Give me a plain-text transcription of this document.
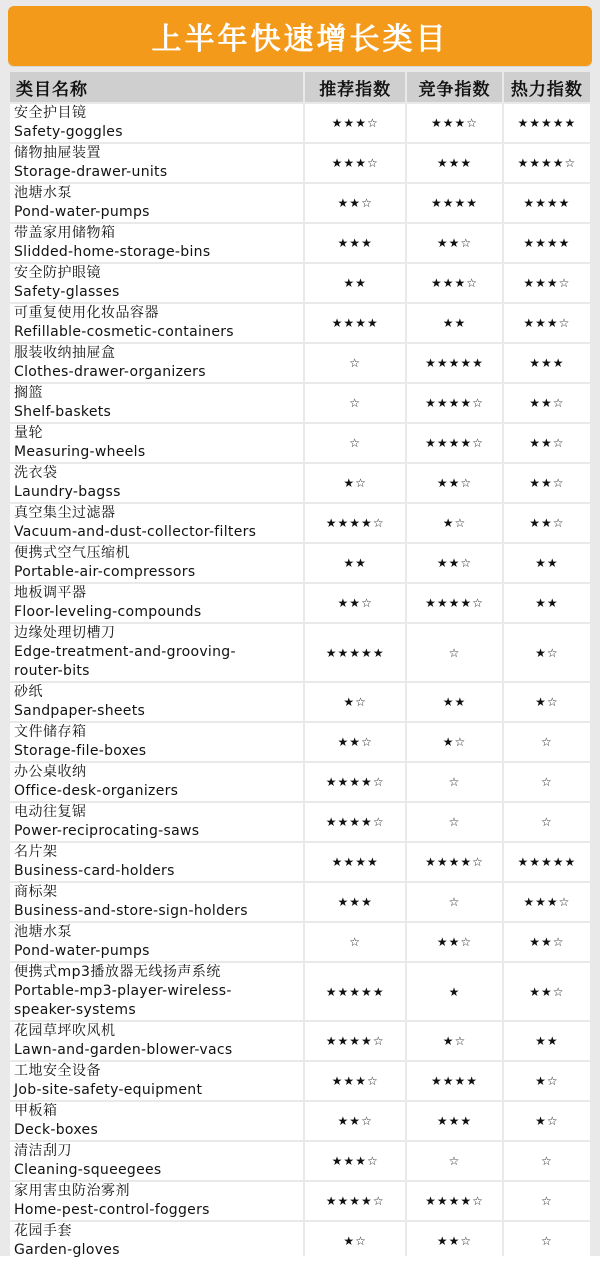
上半年快速增长类目
类目名称	推荐指数	竞争指数	热力指数

安全护目镜
Safety-goggles	★★★☆	★★★☆	★★★★★

储物抽屉装置
Storage-drawer-units	★★★☆	★★★	★★★★☆

池塘水泵
Pond-water-pumps	★★☆	★★★★	★★★★

带盖家用储物箱
Slidded-home-storage-bins	★★★	★★☆	★★★★

安全防护眼镜
Safety-glasses	★★	★★★☆	★★★☆

可重复使用化妆品容器
Refillable-cosmetic-containers	★★★★	★★	★★★☆

服装收纳抽屉盒
Clothes-drawer-organizers	☆	★★★★★	★★★

搁篮
Shelf-baskets	☆	★★★★☆	★★☆

量轮
Measuring-wheels	☆	★★★★☆	★★☆

洗衣袋
Laundry-bagss	★☆	★★☆	★★☆

真空集尘过滤器
Vacuum-and-dust-collector-filters	★★★★☆	★☆	★★☆

便携式空气压缩机
Portable-air-compressors	★★	★★☆	★★

地板调平器
Floor-leveling-compounds	★★☆	★★★★☆	★★

边缘处理切槽刀
Edge-treatment-and-grooving-
router-bits	★★★★★	☆	★☆

砂纸
Sandpaper-sheets	★☆	★★	★☆

文件储存箱
Storage-file-boxes	★★☆	★☆	☆

办公桌收纳
Office-desk-organizers	★★★★☆	☆	☆

电动往复锯
Power-reciprocating-saws	★★★★☆	☆	☆

名片架
Business-card-holders	★★★★	★★★★☆	★★★★★

商标架
Business-and-store-sign-holders	★★★	☆	★★★☆

池塘水泵
Pond-water-pumps	☆	★★☆	★★☆

便携式mp3播放器无线扬声系统
Portable-mp3-player-wireless-
speaker-systems	★★★★★	★	★★☆

花园草坪吹风机
Lawn-and-garden-blower-vacs	★★★★☆	★☆	★★

工地安全设备
Job-site-safety-equipment	★★★☆	★★★★	★☆

甲板箱
Deck-boxes	★★☆	★★★	★☆

清洁刮刀
Cleaning-squeegees	★★★☆	☆	☆

家用害虫防治雾剂
Home-pest-control-foggers	★★★★☆	★★★★☆	☆

花园手套
Garden-gloves	★☆	★★☆	☆
